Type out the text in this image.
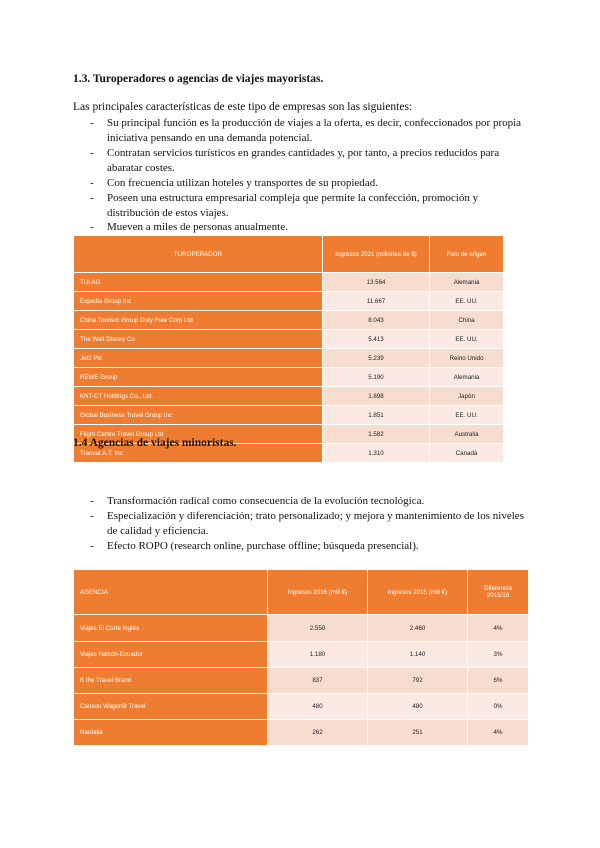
1.3. Turoperadores o agencias de viajes mayoristas.
Las principales características de este tipo de empresas son las siguientes:
- Su principal función es la producción de viajes a la oferta, es decir, confeccionados por propia iniciativa pensando en una demanda potencial.
- Contratan servicios turísticos en grandes cantidades y, por tanto, a precios reducidos para abaratar costes.
- Con frecuencia utilizan hoteles y transportes de su propiedad.
- Poseen una estructura empresarial compleja que permite la confección, promoción y distribución de estos viajes.
- Mueven a miles de personas anualmente.
TUROPERADOR	Ingresos 2021 (millones de $)	País de origen
TUI AG	13.564	Alemania
Expedia Group Inc	11.667	EE. UU.
China Tourism Group Duty Free Corp Ltd	8.043	China
The Walt Disney Co	5.413	EE. UU.
Jet2 Plc	5.239	Reino Unido
REWE Group	5.190	Alemania
KNT-CT Holdings Co., Ltd.	1.898	Japón
Global Business Travel Group Inc	1.851	EE. UU.
Flight Centre Travel Group Ltd	1.582	Australia
Transat A.T. Inc.	1.310	Canadá
1.4 Agencias de viajes minoristas.
- Transformación radical como consecuencia de la evolución tecnológica.
- Especialización y diferenciación; trato personalizado; y mejora y mantenimiento de los niveles de calidad y eficiencia.
- Efecto ROPO (research online, purchase offline; búsqueda presencial).
AGENCIA	Ingresos 2016 (mill €)	Ingresos 2015 (mill €)	Diferencia 2015/16
Viajes El Corte Inglés	2.550	2.460	4%
Viajes Halcón-Ecuador	1.180	1.140	3%
B the Travel Brand	837	792	6%
Carlson Wagonlit Travel	480	480	0%
Nautalia	262	251	4%
